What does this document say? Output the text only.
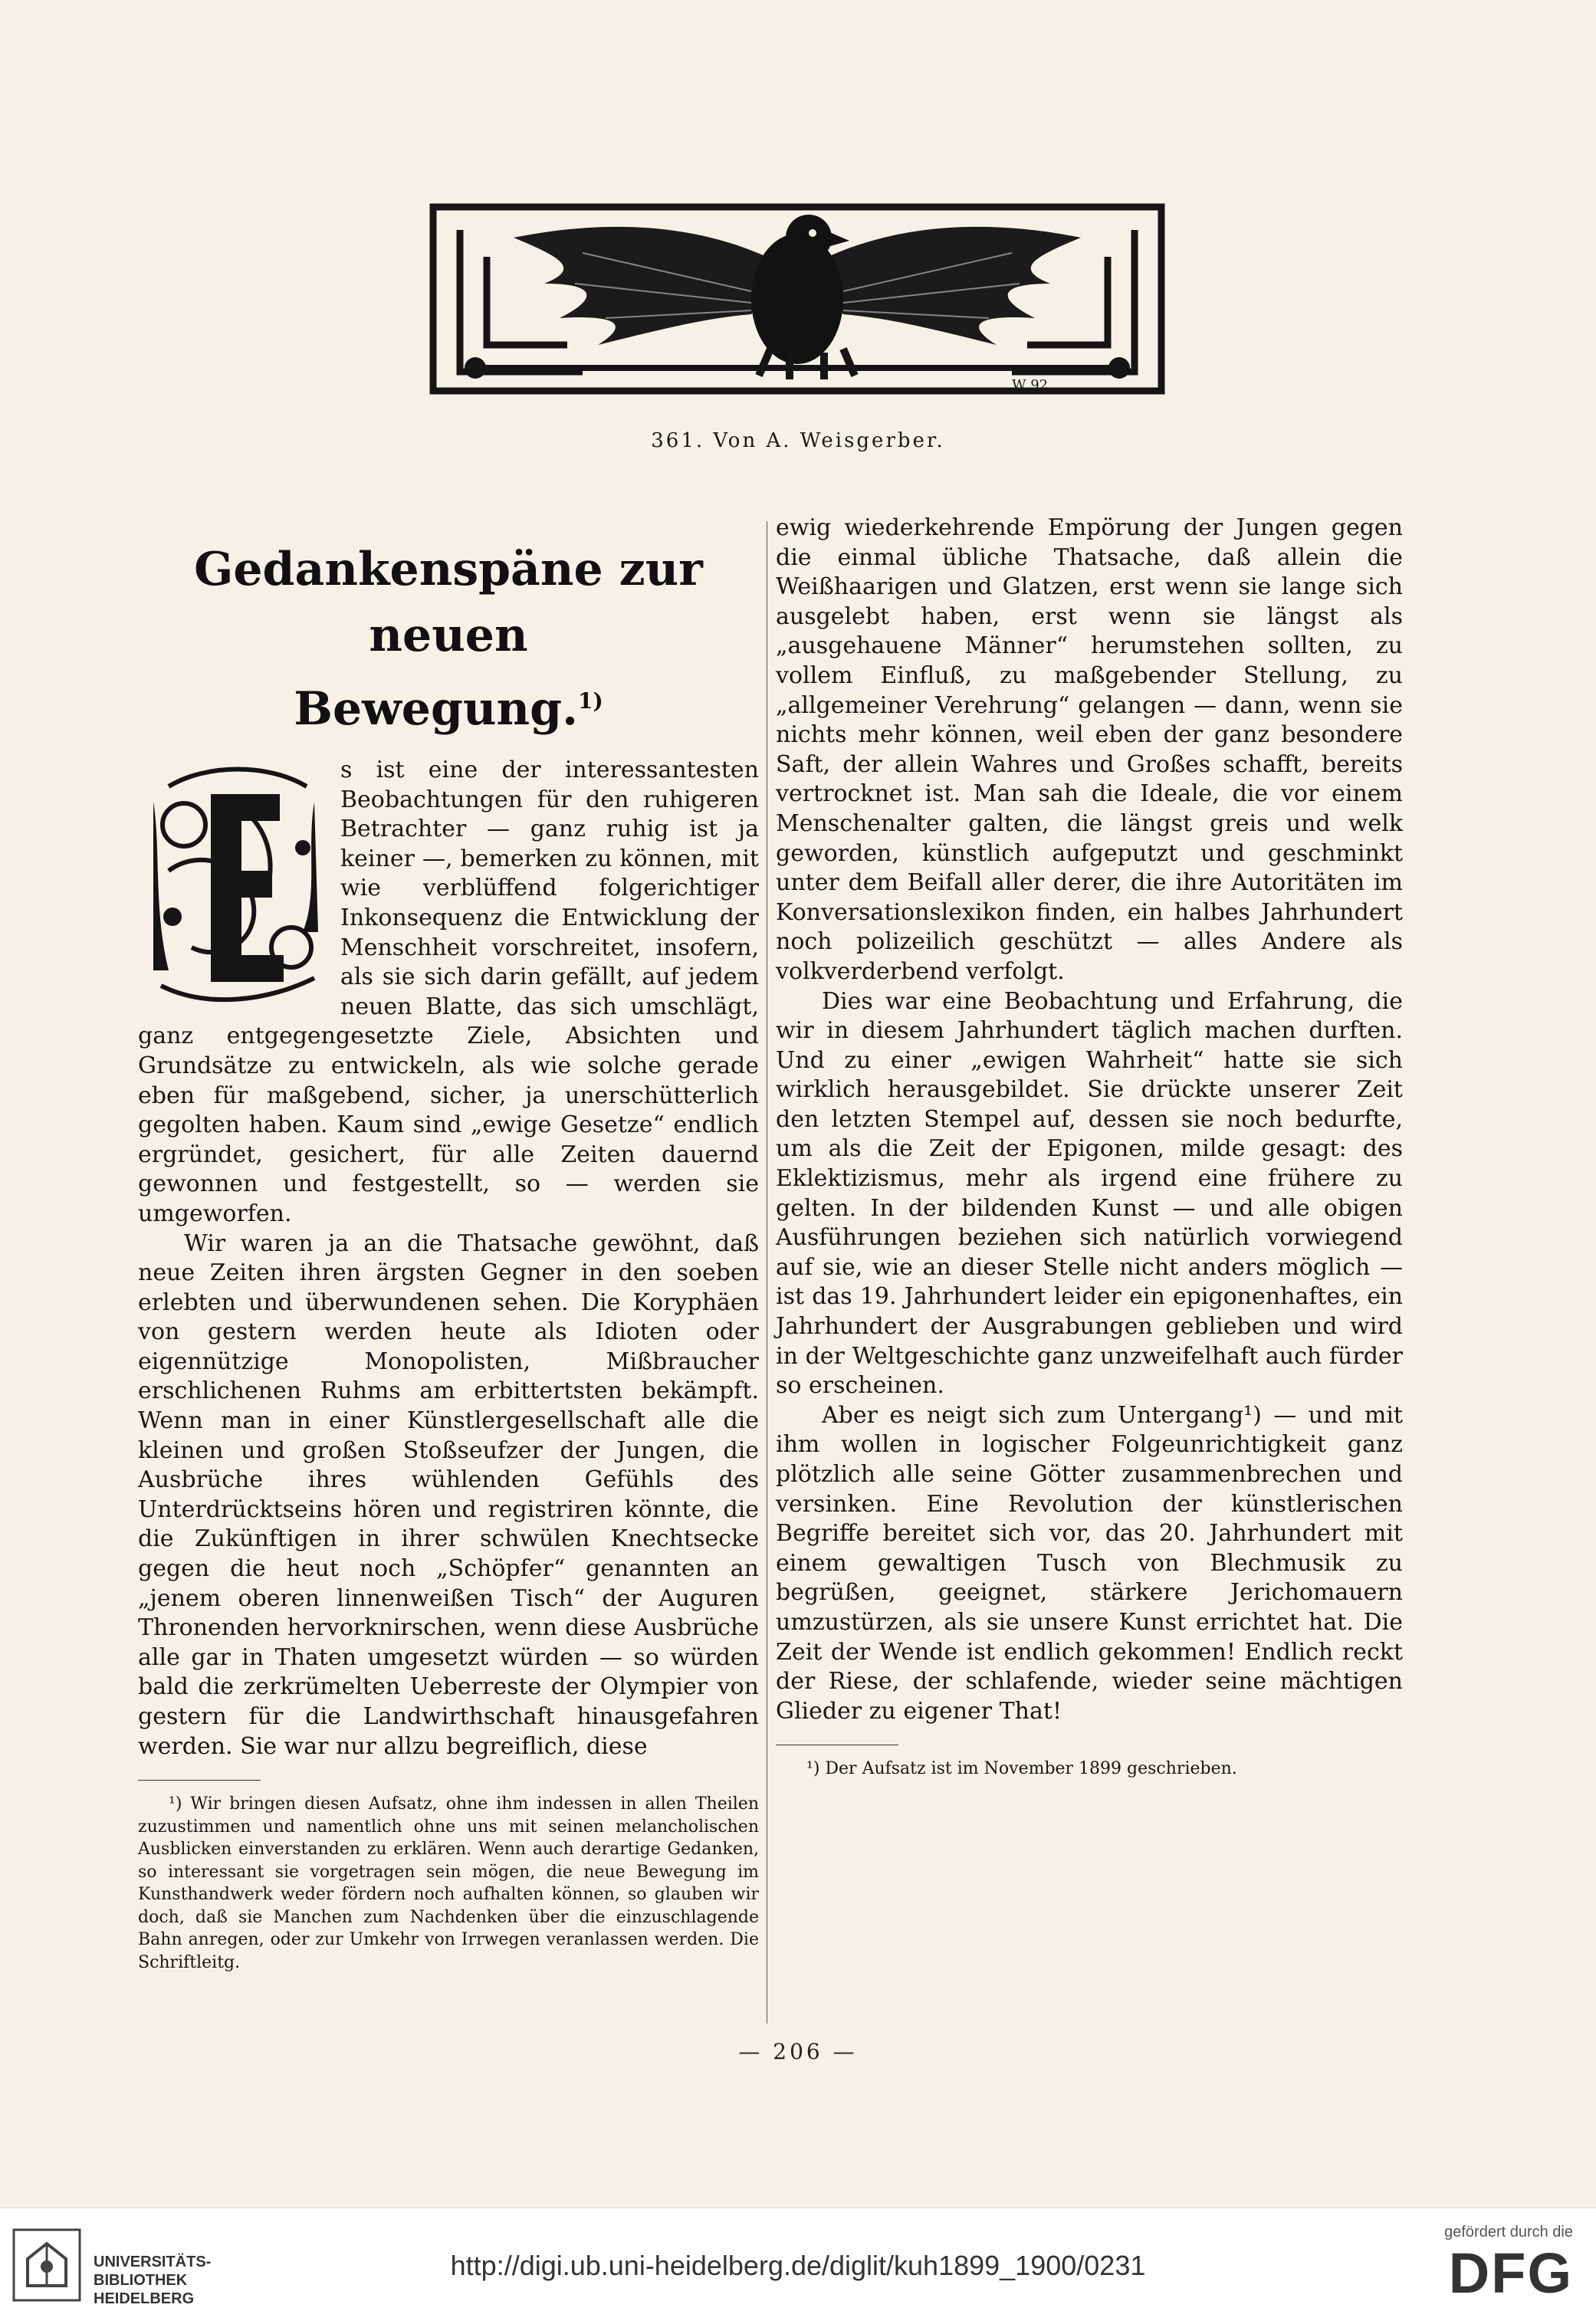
W 92
361. Von A. Weisgerber.
Gedankenspäne zur neuen
Bewegung.$^{1)}$

s ist eine der interessantesten Beobachtungen für den ruhigeren Betrachter — ganz ruhig ist ja keiner —, bemerken zu können, mit wie verblüffend folgerichtiger Inkonsequenz die Entwicklung der Menschheit vorschreitet, insofern, als sie sich darin gefällt, auf jedem neuen Blatte, das sich umschlägt, ganz entgegengesetzte Ziele, Absichten und Grundsätze zu entwickeln, als wie solche gerade eben für maßgebend, sicher, ja unerschütterlich gegolten haben. Kaum sind „ewige Gesetze“ endlich ergründet, gesichert, für alle Zeiten dauernd gewonnen und festgestellt, so — werden sie umgeworfen.

Wir waren ja an die Thatsache gewöhnt, daß neue Zeiten ihren ärgsten Gegner in den soeben erlebten und überwundenen sehen. Die Koryphäen von gestern werden heute als Idioten oder eigennützige Monopolisten, Mißbraucher erschlichenen Ruhms am erbittertsten bekämpft. Wenn man in einer Künstlergesellschaft alle die kleinen und großen Stoßseufzer der Jungen, die Ausbrüche ihres wühlenden Gefühls des Unterdrücktseins hören und registriren könnte, die die Zukünftigen in ihrer schwülen Knechtsecke gegen die heut noch „Schöpfer“ genannten an „jenem oberen linnenweißen Tisch“ der Auguren Thronenden hervorknirschen, wenn diese Ausbrüche alle gar in Thaten umgesetzt würden — so würden bald die zerkrümelten Ueberreste der Olympier von gestern für die Landwirthschaft hinausgefahren werden. Sie war nur allzu begreiflich, diese

¹) Wir bringen diesen Aufsatz, ohne ihm indessen in allen Theilen zuzustimmen und namentlich ohne uns mit seinen melancholischen Ausblicken einverstanden zu erklären. Wenn auch derartige Gedanken, so interessant sie vorgetragen sein mögen, die neue Bewegung im Kunsthandwerk weder fördern noch aufhalten können, so glauben wir doch, daß sie Manchen zum Nachdenken über die einzuschlagende Bahn anregen, oder zur Umkehr von Irrwegen veranlassen werden. Die Schriftleitg.

ewig wiederkehrende Empörung der Jungen gegen die einmal übliche Thatsache, daß allein die Weißhaarigen und Glatzen, erst wenn sie lange sich ausgelebt haben, erst wenn sie längst als „ausgehauene Männer“ herumstehen sollten, zu vollem Einfluß, zu maßgebender Stellung, zu „allgemeiner Verehrung“ gelangen — dann, wenn sie nichts mehr können, weil eben der ganz besondere Saft, der allein Wahres und Großes schafft, bereits vertrocknet ist. Man sah die Ideale, die vor einem Menschenalter galten, die längst greis und welk geworden, künstlich aufgeputzt und geschminkt unter dem Beifall aller derer, die ihre Autoritäten im Konversationslexikon finden, ein halbes Jahrhundert noch polizeilich geschützt — alles Andere als volkverderbend verfolgt.

Dies war eine Beobachtung und Erfahrung, die wir in diesem Jahrhundert täglich machen durften. Und zu einer „ewigen Wahrheit“ hatte sie sich wirklich herausgebildet. Sie drückte unserer Zeit den letzten Stempel auf, dessen sie noch bedurfte, um als die Zeit der Epigonen, milde gesagt: des Eklektizismus, mehr als irgend eine frühere zu gelten. In der bildenden Kunst — und alle obigen Ausführungen beziehen sich natürlich vorwiegend auf sie, wie an dieser Stelle nicht anders möglich — ist das 19. Jahrhundert leider ein epigonenhaftes, ein Jahrhundert der Ausgrabungen geblieben und wird in der Weltgeschichte ganz unzweifelhaft auch fürder so erscheinen.

Aber es neigt sich zum Untergang¹) — und mit ihm wollen in logischer Folgeunrichtigkeit ganz plötzlich alle seine Götter zusammenbrechen und versinken. Eine Revolution der künstlerischen Begriffe bereitet sich vor, das 20. Jahrhundert mit einem gewaltigen Tusch von Blechmusik zu begrüßen, geeignet, stärkere Jerichomauern umzustürzen, als sie unsere Kunst errichtet hat. Die Zeit der Wende ist endlich gekommen! Endlich reckt der Riese, der schlafende, wieder seine mächtigen Glieder zu eigener That!

¹) Der Aufsatz ist im November 1899 geschrieben.

— 206 —
UNIVERSITÄTS-
BIBLIOTHEK
HEIDELBERG
http://digi.ub.uni-heidelberg.de/diglit/kuh1899_1900/0231
gefördert durch die
DFG
